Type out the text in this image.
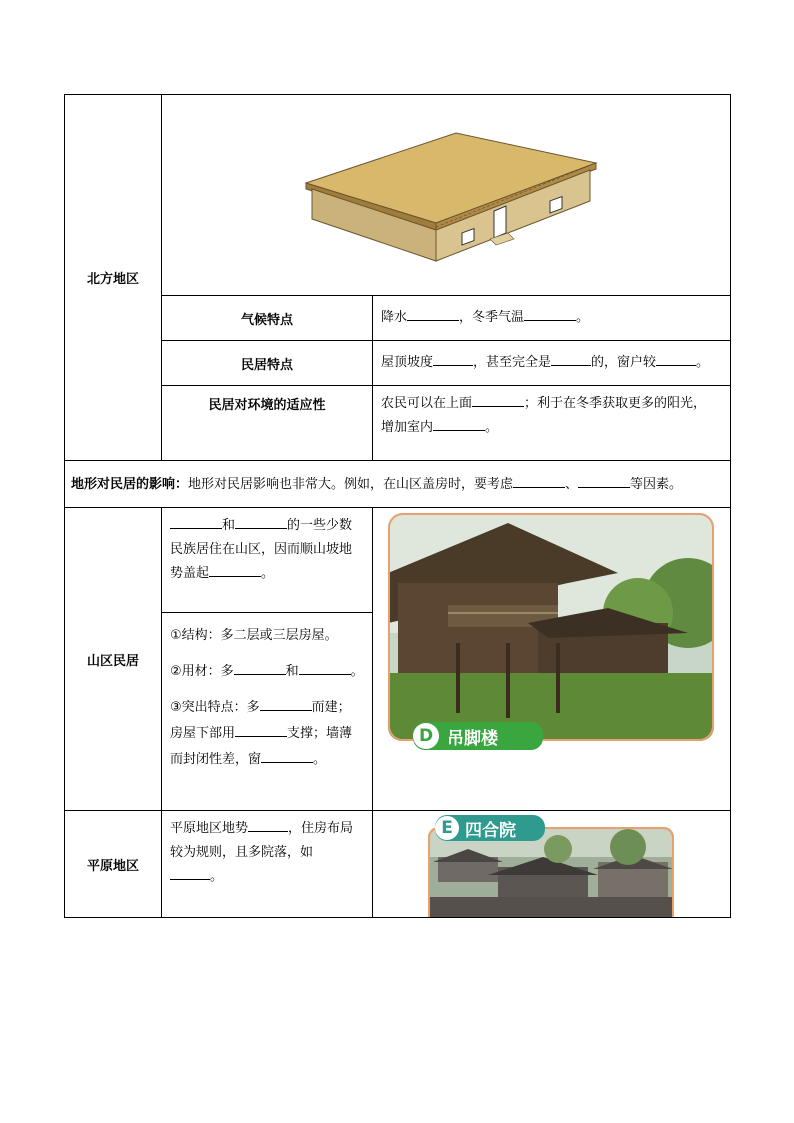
北方地区	
	气候特点	降水 ，冬季气温 。
	民居特点	屋顶坡度 ，甚至完全是 的，窗户较 。
	民居对环境的适应性	农民可以在上面 ；利于在冬季获取更多的阳光，
增加室内 。
地形对民居的影响：地形对民居影响也非常大。例如，在山区盖房时，要考虑 、 等因素。		
山区民居	和 的一些少数
民族居住在山区，因而顺山坡地
势盖起 。	D 吊脚楼

	①结构：多二层或三层房屋。

②用材：多 和 。

③突出特点：多 而建；
房屋下部用 支撑；墙薄
而封闭性差，窗 。	
平原地区	平原地区地势 ，住房布局
较为规则，且多院落，如
。	E 四合院
